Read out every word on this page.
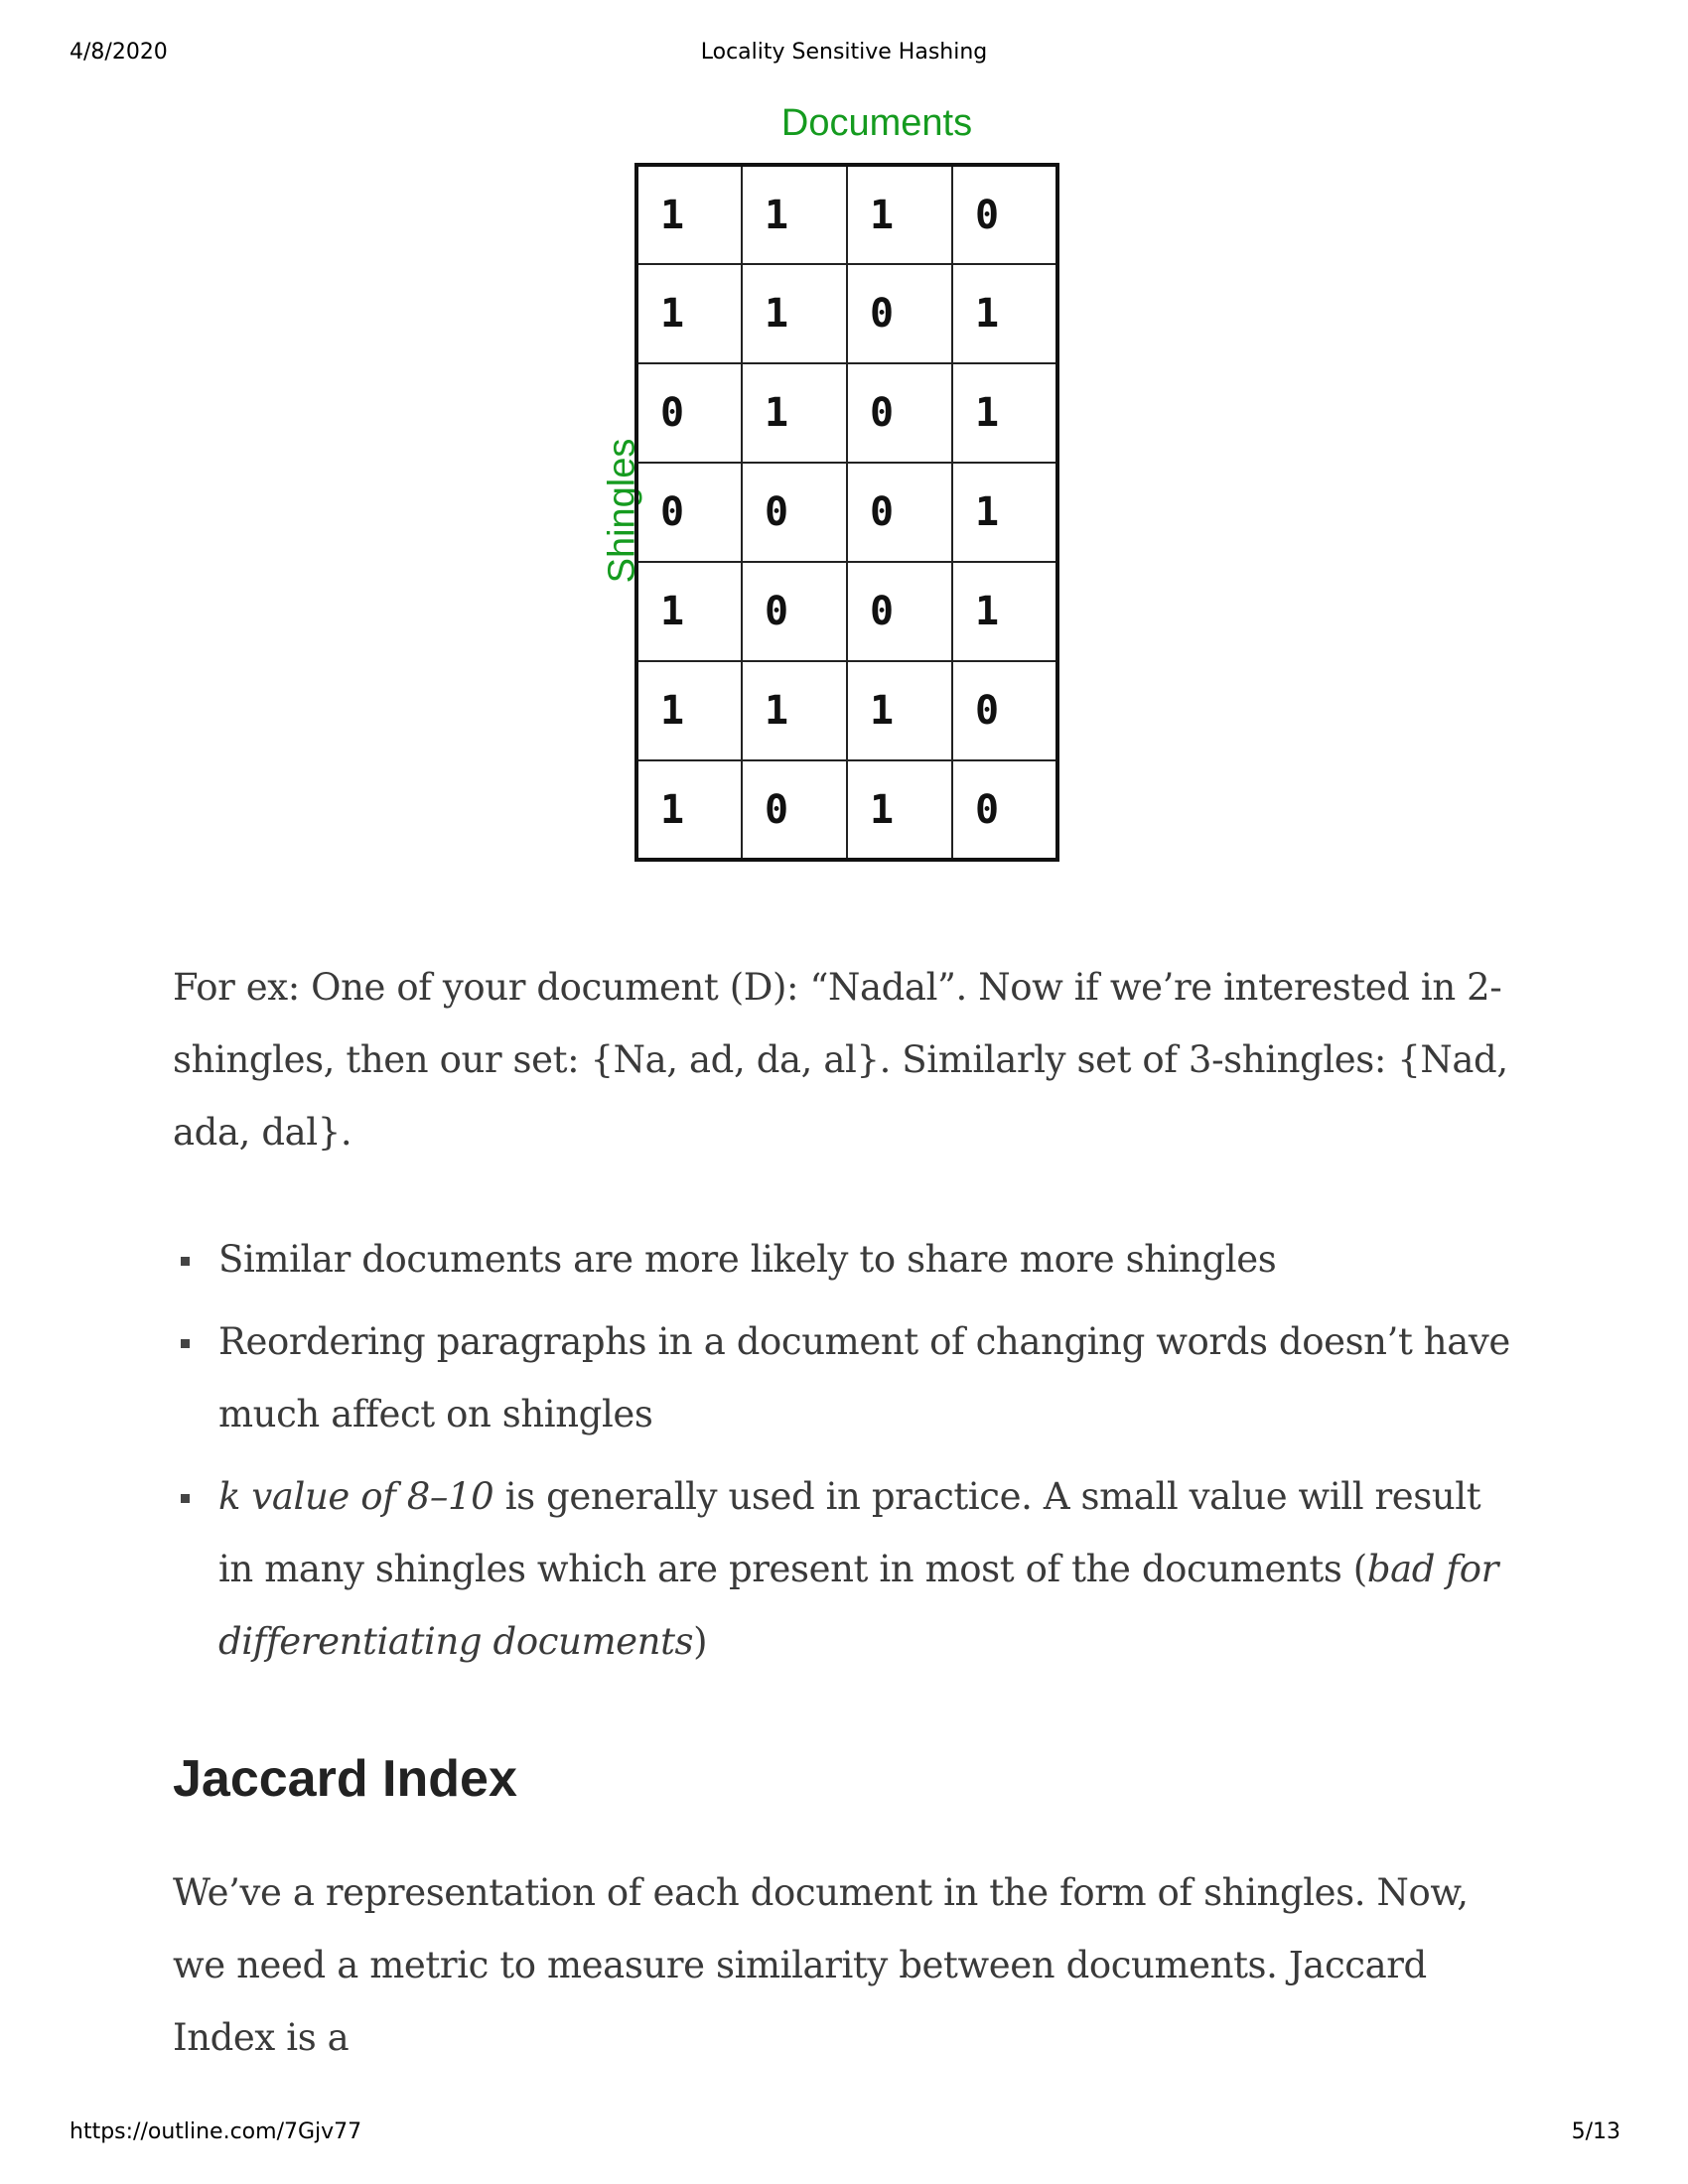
4/8/2020	Locality Sensitive Hashing
Documents
Shingles
1	1	1	0
1	1	0	1
0	1	0	1
0	0	0	1
1	0	0	1
1	1	1	0
1	0	1	0

For ex: One of your document (D): “Nadal”. Now if we’re interested in 2-shingles, then our set: {Na, ad, da, al}. Similarly set of 3-shingles: {Nad, ada, dal}.

Similar documents are more likely to share more shingles
Reordering paragraphs in a document of changing words doesn’t have much affect on shingles
k value of 8–10 is generally used in practice. A small value will result in many shingles which are present in most of the documents (bad for differentiating documents)
Jaccard Index

We’ve a representation of each document in the form of shingles. Now, we need a metric to measure similarity between documents. Jaccard Index is a

https://outline.com/7Gjv77	5/13
